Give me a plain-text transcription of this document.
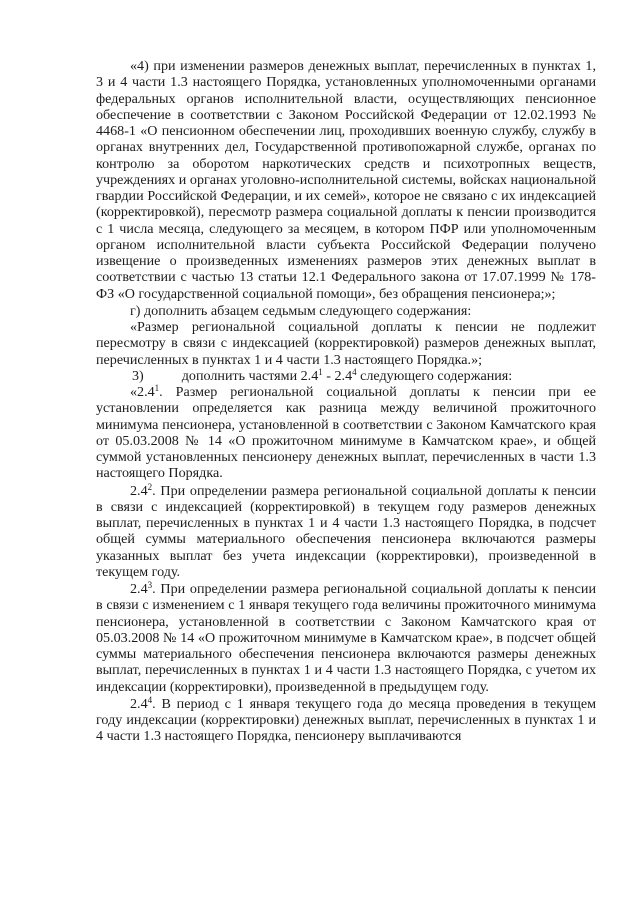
«4) при изменении размеров денежных выплат, перечисленных в пунктах 1, 3 и 4 части 1.3 настоящего Порядка, установленных уполномоченными органами федеральных органов исполнительной власти, осуществляющих пенсионное обеспечение в соответствии с Законом Российской Федерации от 12.02.1993 № 4468-1 «О пенсионном обеспечении лиц, проходивших военную службу, службу в органах внутренних дел, Государственной противопожарной службе, органах по контролю за оборотом наркотических средств и психотропных веществ, учреждениях и органах уголовно-исполнительной системы, войсках национальной гвардии Российской Федерации, и их семей», которое не связано с их индексацией (корректировкой), пересмотр размера социальной доплаты к пенсии производится с 1 числа месяца, следующего за месяцем, в котором ПФР или уполномоченным органом исполнительной власти субъекта Российской Федерации получено извещение о произведенных изменениях размеров этих денежных выплат в соответствии с частью 13 статьи 12.1 Федерального закона от 17.07.1999 № 178-ФЗ «О государственной социальной помощи», без обращения пенсионера;»;

г) дополнить абзацем седьмым следующего содержания:

«Размер региональной социальной доплаты к пенсии не подлежит пересмотру в связи с индексацией (корректировкой) размеров денежных выплат, перечисленных в пунктах 1 и 4 части 1.3 настоящего Порядка.»;

3)	дополнить частями $2.4^1 - 2.4^4$ следующего содержания:

«$2.4^1$. Размер региональной социальной доплаты к пенсии при ее установлении определяется как разница между величиной прожиточного минимума пенсионера, установленной в соответствии с Законом Камчатского края от 05.03.2008 № 14 «О прожиточном минимуме в Камчатском крае», и общей суммой установленных пенсионеру денежных выплат, перечисленных в части 1.3 настоящего Порядка.

$2.4^2$. При определении размера региональной социальной доплаты к пенсии в связи с индексацией (корректировкой) в текущем году размеров денежных выплат, перечисленных в пунктах 1 и 4 части 1.3 настоящего Порядка, в подсчет общей суммы материального обеспечения пенсионера включаются размеры указанных выплат без учета индексации (корректировки), произведенной в текущем году.

$2.4^3$. При определении размера региональной социальной доплаты к пенсии в связи с изменением с 1 января текущего года величины прожиточного минимума пенсионера, установленной в соответствии с Законом Камчатского края от 05.03.2008 № 14 «О прожиточном минимуме в Камчатском крае», в подсчет общей суммы материального обеспечения пенсионера включаются размеры денежных выплат, перечисленных в пунктах 1 и 4 части 1.3 настоящего Порядка, с учетом их индексации (корректировки), произведенной в предыдущем году.

$2.4^4$. В период с 1 января текущего года до месяца проведения в текущем году индексации (корректировки) денежных выплат, перечисленных в пунктах 1 и 4 части 1.3 настоящего Порядка, пенсионеру выплачиваются
